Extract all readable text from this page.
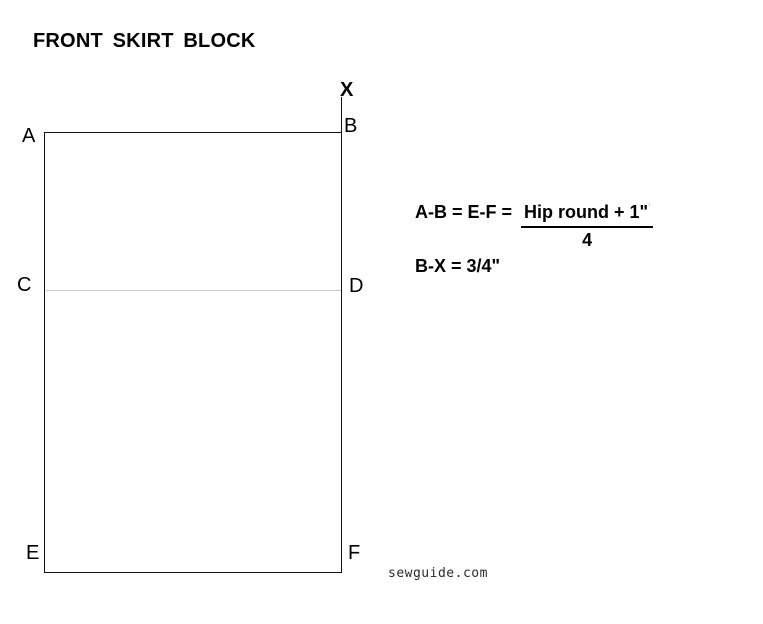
FRONT SKIRT BLOCK
A	B
X
C	D
E	F
$A-B = E-F = \frac{Hip round + 1"'}{4}$
B-X = 3/4"
sewguide.com
